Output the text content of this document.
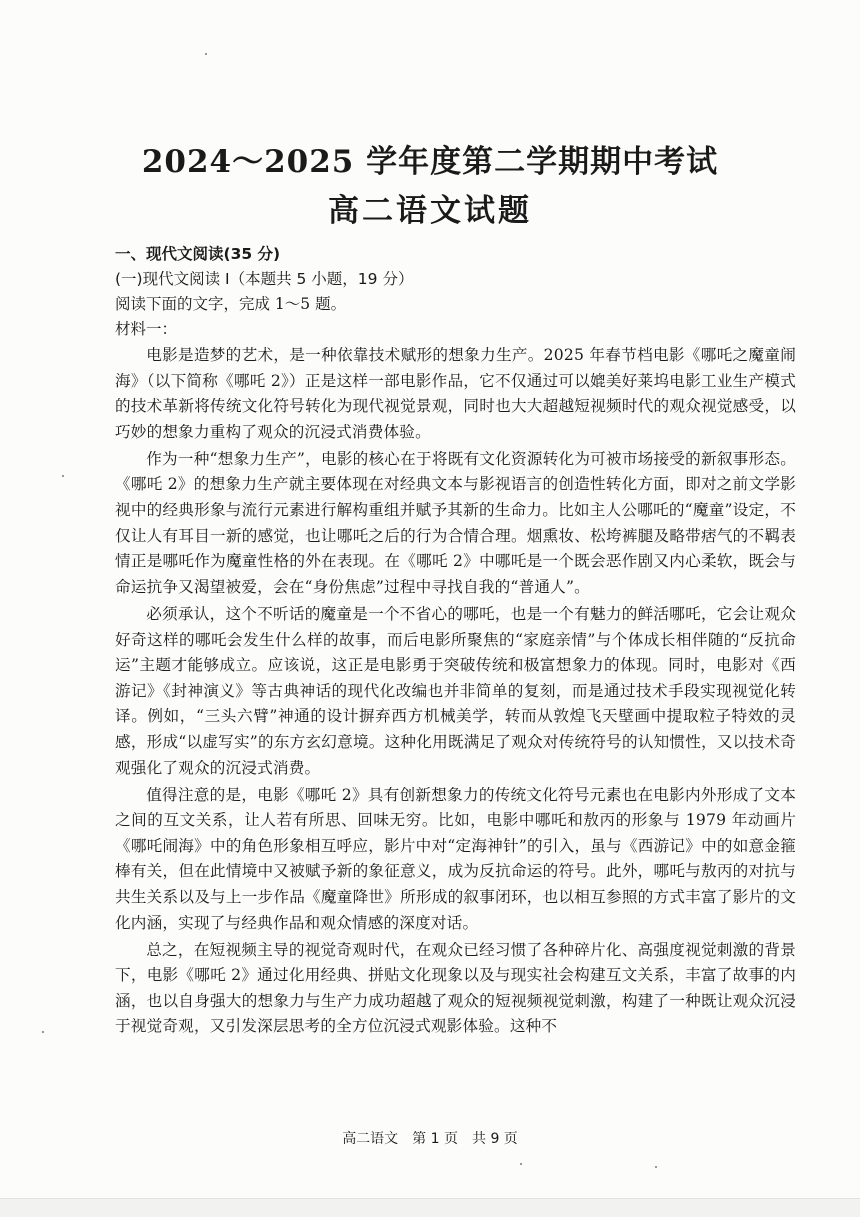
2024～2025 学年度第二学期期中考试
高二语文试题
一、现代文阅读(35 分)
(一)现代文阅读 I（本题共 5 小题，19 分）
阅读下面的文字，完成 1～5 题。
材料一：

电影是造梦的艺术，是一种依靠技术赋形的想象力生产。2025 年春节档电影《哪吒之魔童闹海》（以下简称《哪吒 2》）正是这样一部电影作品，它不仅通过可以媲美好莱坞电影工业生产模式的技术革新将传统文化符号转化为现代视觉景观，同时也大大超越短视频时代的观众视觉感受，以巧妙的想象力重构了观众的沉浸式消费体验。

作为一种“想象力生产”，电影的核心在于将既有文化资源转化为可被市场接受的新叙事形态。《哪吒 2》的想象力生产就主要体现在对经典文本与影视语言的创造性转化方面，即对之前文学影视中的经典形象与流行元素进行解构重组并赋予其新的生命力。比如主人公哪吒的“魔童”设定，不仅让人有耳目一新的感觉，也让哪吒之后的行为合情合理。烟熏妆、松垮裤腿及略带痞气的不羁表情正是哪吒作为魔童性格的外在表现。在《哪吒 2》中哪吒是一个既会恶作剧又内心柔软，既会与命运抗争又渴望被爱，会在“身份焦虑”过程中寻找自我的“普通人”。

必须承认，这个不听话的魔童是一个不省心的哪吒，也是一个有魅力的鲜活哪吒，它会让观众好奇这样的哪吒会发生什么样的故事，而后电影所聚焦的“家庭亲情”与个体成长相伴随的“反抗命运”主题才能够成立。应该说，这正是电影勇于突破传统和极富想象力的体现。同时，电影对《西游记》《封神演义》等古典神话的现代化改编也并非简单的复刻，而是通过技术手段实现视觉化转译。例如，“三头六臂”神通的设计摒弃西方机械美学，转而从敦煌飞天壁画中提取粒子特效的灵感，形成“以虚写实”的东方玄幻意境。这种化用既满足了观众对传统符号的认知惯性，又以技术奇观强化了观众的沉浸式消费。

值得注意的是，电影《哪吒 2》具有创新想象力的传统文化符号元素也在电影内外形成了文本之间的互文关系，让人若有所思、回味无穷。比如，电影中哪吒和敖丙的形象与 1979 年动画片《哪吒闹海》中的角色形象相互呼应，影片中对“定海神针”的引入，虽与《西游记》中的如意金箍棒有关，但在此情境中又被赋予新的象征意义，成为反抗命运的符号。此外，哪吒与敖丙的对抗与共生关系以及与上一步作品《魔童降世》所形成的叙事闭环，也以相互参照的方式丰富了影片的文化内涵，实现了与经典作品和观众情感的深度对话。

总之，在短视频主导的视觉奇观时代，在观众已经习惯了各种碎片化、高强度视觉刺激的背景下，电影《哪吒 2》通过化用经典、拼贴文化现象以及与现实社会构建互文关系，丰富了故事的内涵，也以自身强大的想象力与生产力成功超越了观众的短视频视觉刺激，构建了一种既让观众沉浸于视觉奇观，又引发深层思考的全方位沉浸式观影体验。这种不

高二语文　第 1 页　共 9 页
